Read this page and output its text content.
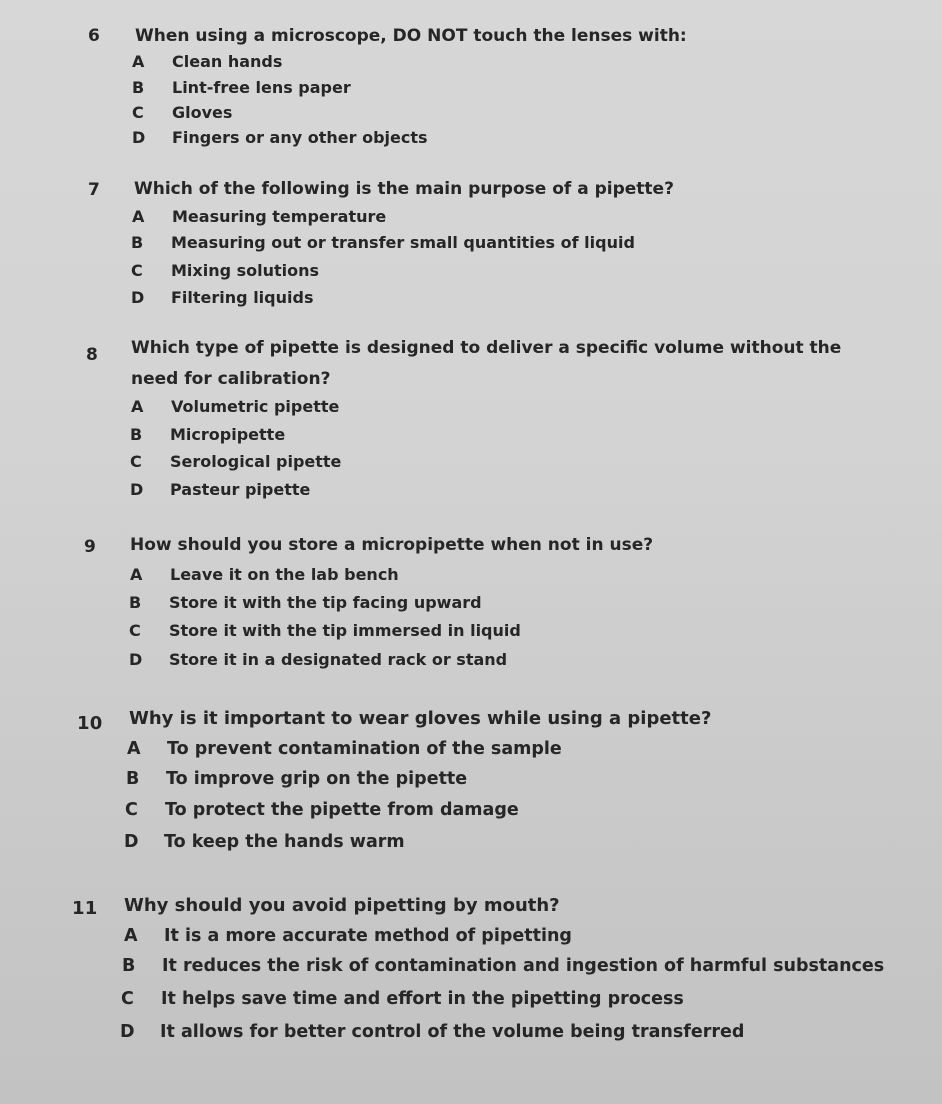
6 When using a microscope, DO NOT touch the lenses with:
A Clean hands
B Lint-free lens paper
C Gloves
D Fingers or any other objects
7 Which of the following is the main purpose of a pipette?
A Measuring temperature
B Measuring out or transfer small quantities of liquid
C Mixing solutions
D Filtering liquids
8 Which type of pipette is designed to deliver a specific volume without the need for calibration?
A Volumetric pipette
B Micropipette
C Serological pipette
D Pasteur pipette
9 How should you store a micropipette when not in use?
A Leave it on the lab bench
B Store it with the tip facing upward
C Store it with the tip immersed in liquid
D Store it in a designated rack or stand
10 Why is it important to wear gloves while using a pipette?
A To prevent contamination of the sample
B To improve grip on the pipette
C To protect the pipette from damage
D To keep the hands warm
11 Why should you avoid pipetting by mouth?
A It is a more accurate method of pipetting
B It reduces the risk of contamination and ingestion of harmful substances
C It helps save time and effort in the pipetting process
D It allows for better control of the volume being transferred
